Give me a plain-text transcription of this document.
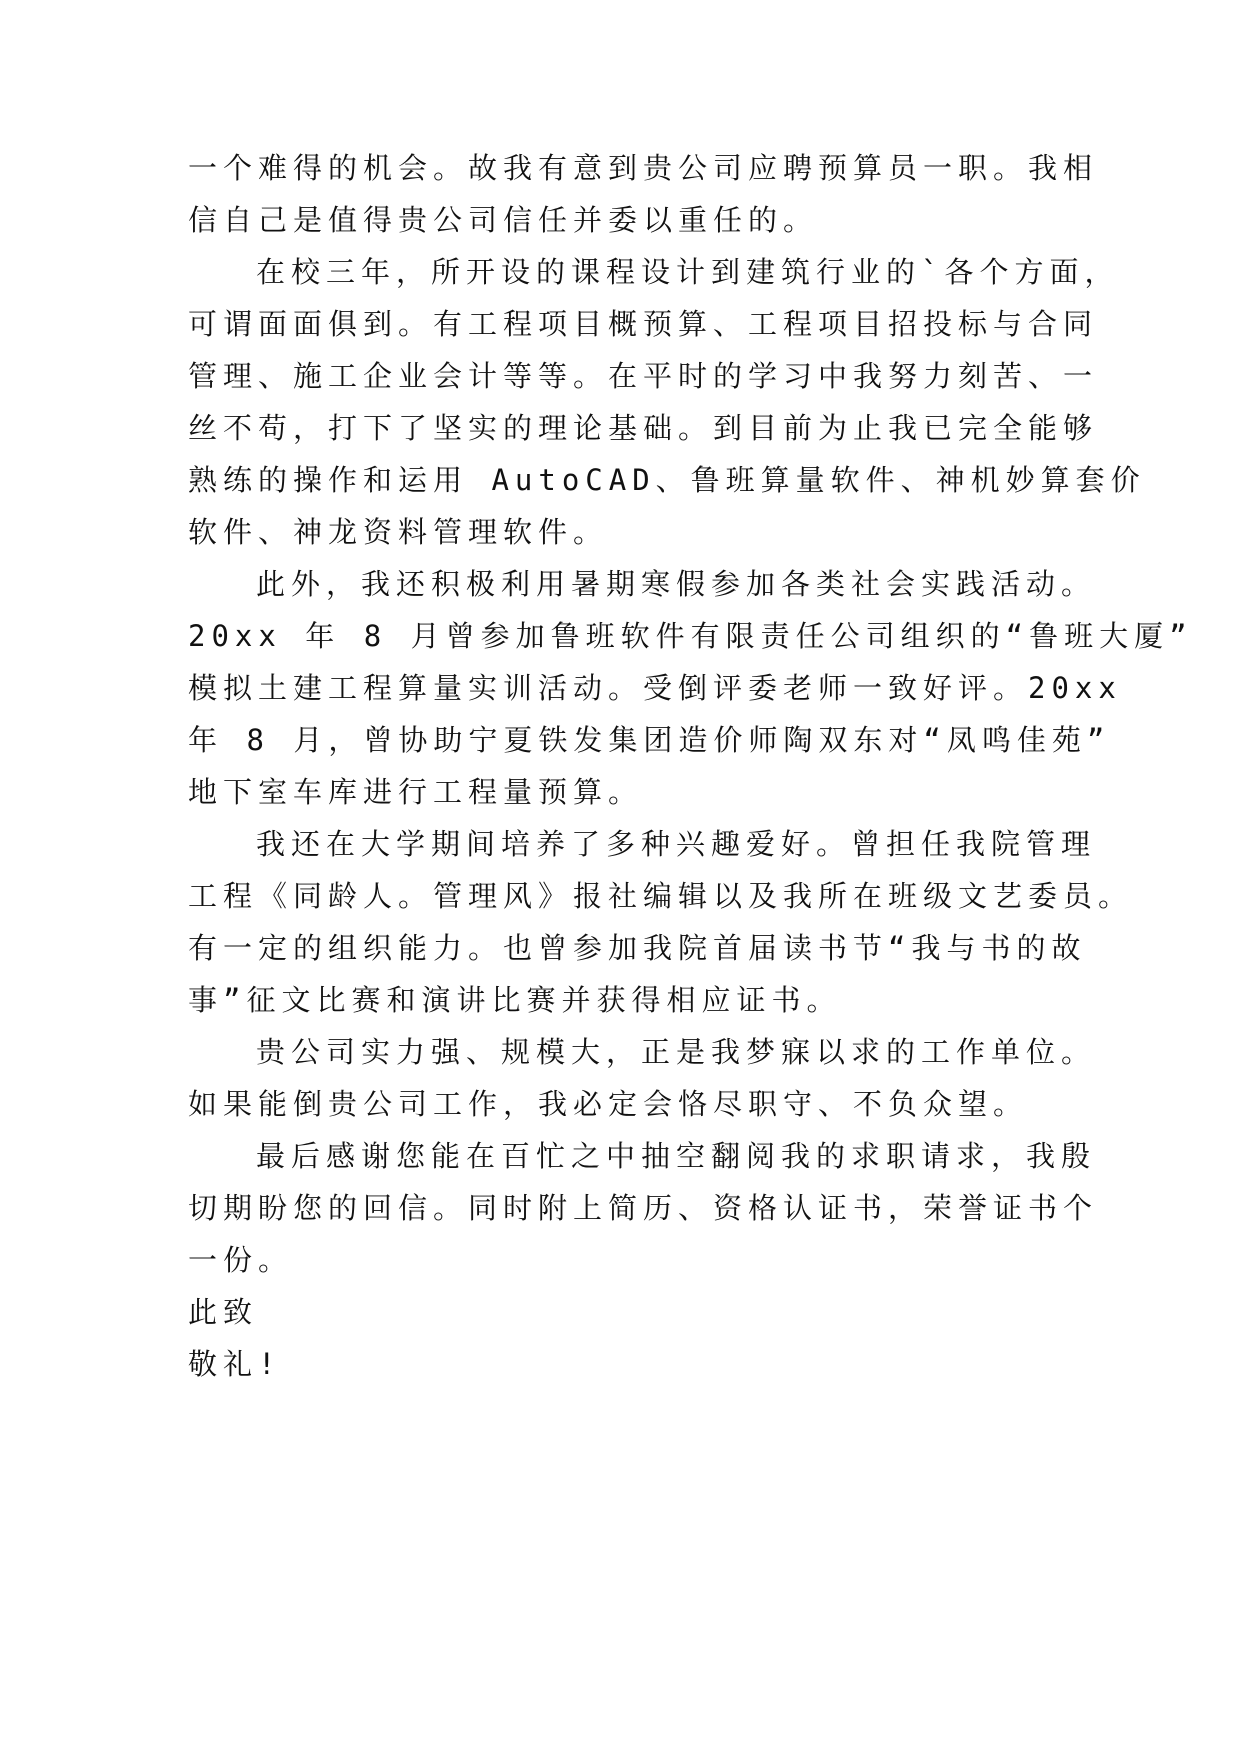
一个难得的机会。故我有意到贵公司应聘预算员一职。我相

信自己是值得贵公司信任并委以重任的。

在校三年，所开设的课程设计到建筑行业的`各个方面，

可谓面面俱到。有工程项目概预算、工程项目招投标与合同

管理、施工企业会计等等。在平时的学习中我努力刻苦、一

丝不苟，打下了坚实的理论基础。到目前为止我已完全能够

熟练的操作和运用 AutoCAD、鲁班算量软件、神机妙算套价

软件、神龙资料管理软件。

此外，我还积极利用暑期寒假参加各类社会实践活动。

20xx 年 8 月曾参加鲁班软件有限责任公司组织的“鲁班大厦”

模拟土建工程算量实训活动。受倒评委老师一致好评。20xx

年 8 月，曾协助宁夏铁发集团造价师陶双东对“凤鸣佳苑”

地下室车库进行工程量预算。

我还在大学期间培养了多种兴趣爱好。曾担任我院管理

工程《同龄人。管理风》报社编辑以及我所在班级文艺委员。

有一定的组织能力。也曾参加我院首届读书节“我与书的故

事”征文比赛和演讲比赛并获得相应证书。

贵公司实力强、规模大，正是我梦寐以求的工作单位。

如果能倒贵公司工作，我必定会恪尽职守、不负众望。

最后感谢您能在百忙之中抽空翻阅我的求职请求，我殷

切期盼您的回信。同时附上简历、资格认证书，荣誉证书个

一份。

此致

敬礼!
